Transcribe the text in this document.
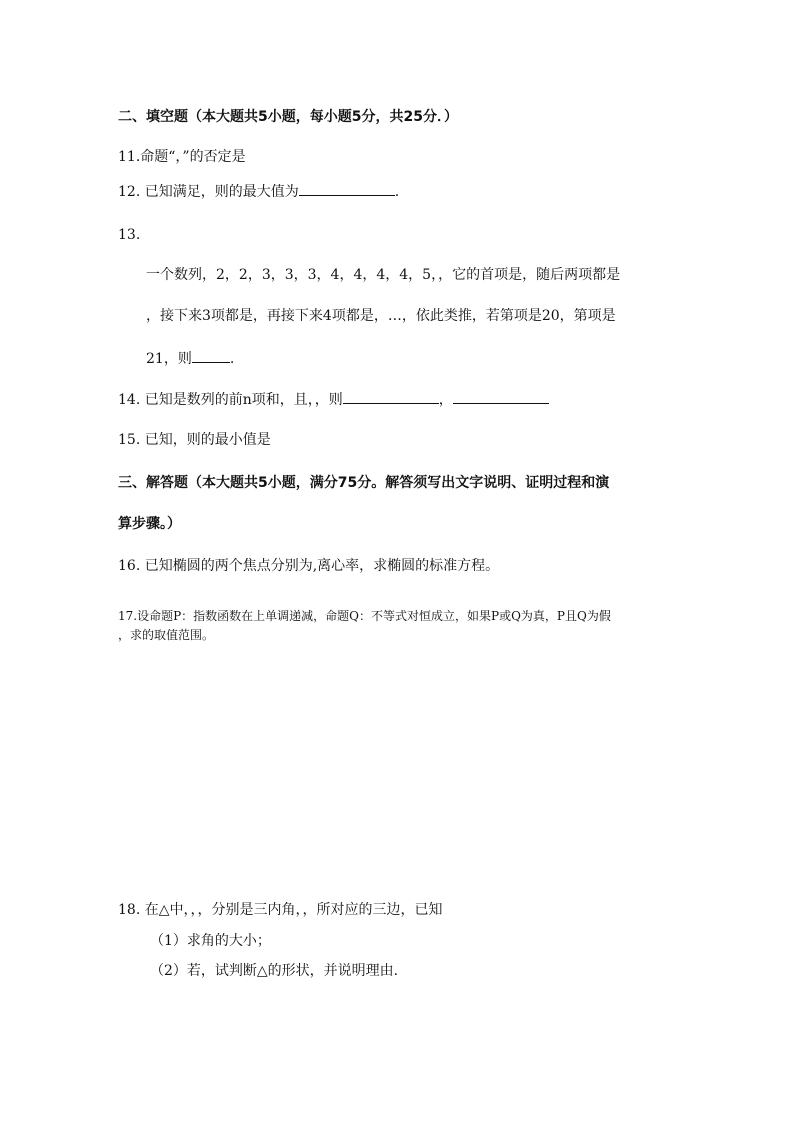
二、填空题（本大题共5小题，每小题5分，共25分．）
11.命题“，”的否定是
12. 已知满足，则的最大值为	.
13.
一个数列，2，2，3，3，3，4，4，4，4，5，，它的首项是，随后两项都是
，接下来3项都是，再接下来4项都是，…，依此类推，若第项是20，第项是
21，则	.
14. 已知是数列的前n项和，且，，则	，
15. 已知，则的最小值是
三、解答题（本大题共5小题，满分75分。解答须写出文字说明、证明过程和演
算步骤。）
16. 已知椭圆的两个焦点分别为,离心率，求椭圆的标准方程。
17.设命题P：指数函数在上单调递减，命题Q：不等式对恒成立，如果P或Q为真，P且Q为假
，求的取值范围。
18. 在△中，，，分别是三内角，，所对应的三边，已知
（1）求角的大小；
（2）若，试判断△的形状，并说明理由.
